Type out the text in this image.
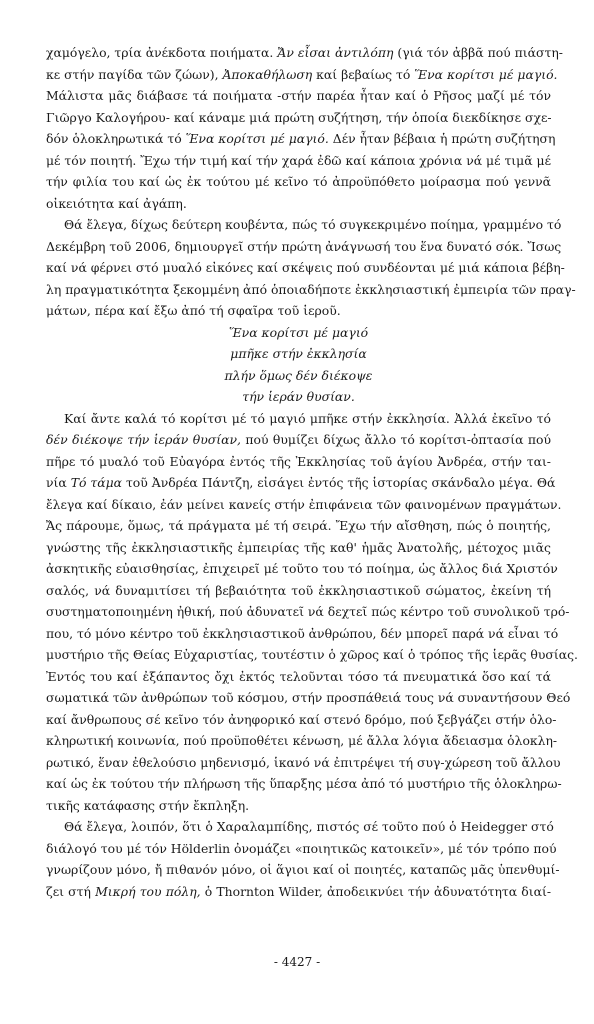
χαμόγελο, τρία ἀνέκδοτα ποιήματα. Ἄν εἶσαι ἀντιλόπη (γιά τόν ἀββᾶ πού πιάστη-
κε στήν παγίδα τῶν ζώων), Ἀποκαθήλωση καί βεβαίως τό Ἕνα κορίτσι μέ μαγιό.
Μάλιστα μᾶς διάβασε τά ποιήματα -στήν παρέα ἦταν καί ὁ Ρῆσος μαζί μέ τόν
Γιῶργο Καλογήρου- καί κάναμε μιά πρώτη συζήτηση, τήν ὁποία διεκδίκησε σχε-
δόν ὁλοκληρωτικά τό Ἕνα κορίτσι μέ μαγιό. Δέν ἦταν βέβαια ἡ πρώτη συζήτηση
μέ τόν ποιητή. Ἔχω τήν τιμή καί τήν χαρά ἐδῶ καί κάποια χρόνια νά μέ τιμᾶ μέ
τήν φιλία του καί ὡς ἐκ τούτου μέ κεῖνο τό ἀπροϋπόθετο μοίρασμα πού γεννᾶ
οἰκειότητα καί ἀγάπη.
Θά ἔλεγα, δίχως δεύτερη κουβέντα, πώς τό συγκεκριμένο ποίημα, γραμμένο τό
Δεκέμβρη τοῦ 2006, δημιουργεῖ στήν πρώτη ἀνάγνωσή του ἕνα δυνατό σόκ. Ἴσως
καί νά φέρνει στό μυαλό εἰκόνες καί σκέψεις πού συνδέονται μέ μιά κάποια βέβη-
λη πραγματικότητα ξεκομμένη ἀπό ὁποιαδήποτε ἐκκλησιαστική ἐμπειρία τῶν πραγ-
μάτων, πέρα καί ἔξω ἀπό τή σφαῖρα τοῦ ἱεροῦ.
Ἕνα κορίτσι μέ μαγιό
μπῆκε στήν ἐκκλησία
πλήν ὅμως δέν διέκοψε
τήν ἱεράν θυσίαν.
Καί ἄντε καλά τό κορίτσι μέ τό μαγιό μπῆκε στήν ἐκκλησία. Ἀλλά ἐκεῖνο τό
δέν διέκοψε τήν ἱεράν θυσίαν, πού θυμίζει δίχως ἄλλο τό κορίτσι-ὀπτασία πού
πῆρε τό μυαλό τοῦ Εὐαγόρα ἐντός τῆς Ἐκκλησίας τοῦ ἁγίου Ἀνδρέα, στήν ται-
νία Τό τάμα τοῦ Ἀνδρέα Πάντζη, εἰσάγει ἐντός τῆς ἱστορίας σκάνδαλο μέγα. Θά
ἔλεγα καί δίκαιο, ἐάν μείνει κανείς στήν ἐπιφάνεια τῶν φαινομένων πραγμάτων.
Ἄς πάρουμε, ὅμως, τά πράγματα μέ τή σειρά. Ἔχω τήν αἴσθηση, πώς ὁ ποιητής,
γνώστης τῆς ἐκκλησιαστικῆς ἐμπειρίας τῆς καθ' ἡμᾶς Ἀνατολῆς, μέτοχος μιᾶς
ἀσκητικῆς εὐαισθησίας, ἐπιχειρεῖ μέ τοῦτο του τό ποίημα, ὡς ἄλλος διά Χριστόν
σαλός, νά δυναμιτίσει τή βεβαιότητα τοῦ ἐκκλησιαστικοῦ σώματος, ἐκείνη τή
συστηματοποιημένη ἠθική, πού ἀδυνατεῖ νά δεχτεῖ πώς κέντρο τοῦ συνολικοῦ τρό-
που, τό μόνο κέντρο τοῦ ἐκκλησιαστικοῦ ἀνθρώπου, δέν μπορεῖ παρά νά εἶναι τό
μυστήριο τῆς Θείας Εὐχαριστίας, τουτέστιν ὁ χῶρος καί ὁ τρόπος τῆς ἱερᾶς θυσίας.
Ἐντός του καί ἐξάπαντος ὄχι ἐκτός τελοῦνται τόσο τά πνευματικά ὅσο καί τά
σωματικά τῶν ἀνθρώπων τοῦ κόσμου, στήν προσπάθειά τους νά συναντήσουν Θεό
καί ἄνθρωπους σέ κεῖνο τόν ἀνηφορικό καί στενό δρόμο, πού ξεβγάζει στήν ὁλο-
κληρωτική κοινωνία, πού προϋποθέτει κένωση, μέ ἄλλα λόγια ἄδειασμα ὁλοκλη-
ρωτικό, ἕναν ἐθελούσιο μηδενισμό, ἱκανό νά ἐπιτρέψει τή συγ-χώρεση τοῦ ἄλλου
καί ὡς ἐκ τούτου τήν πλήρωση τῆς ὕπαρξης μέσα ἀπό τό μυστήριο τῆς ὁλοκληρω-
τικῆς κατάφασης στήν ἔκπληξη.
Θά ἔλεγα, λοιπόν, ὅτι ὁ Χαραλαμπίδης, πιστός σέ τοῦτο πού ὁ Heidegger στό
διάλογό του μέ τόν Hölderlin ὀνομάζει «ποιητικῶς κατοικεῖν», μέ τόν τρόπο πού
γνωρίζουν μόνο, ἤ πιθανόν μόνο, οἱ ἅγιοι καί οἱ ποιητές, καταπῶς μᾶς ὑπενθυμί-
ζει στή Μικρή του πόλη, ὁ Thornton Wilder, ἀποδεικνύει τήν ἀδυνατότητα διαί-
- 4427 -
